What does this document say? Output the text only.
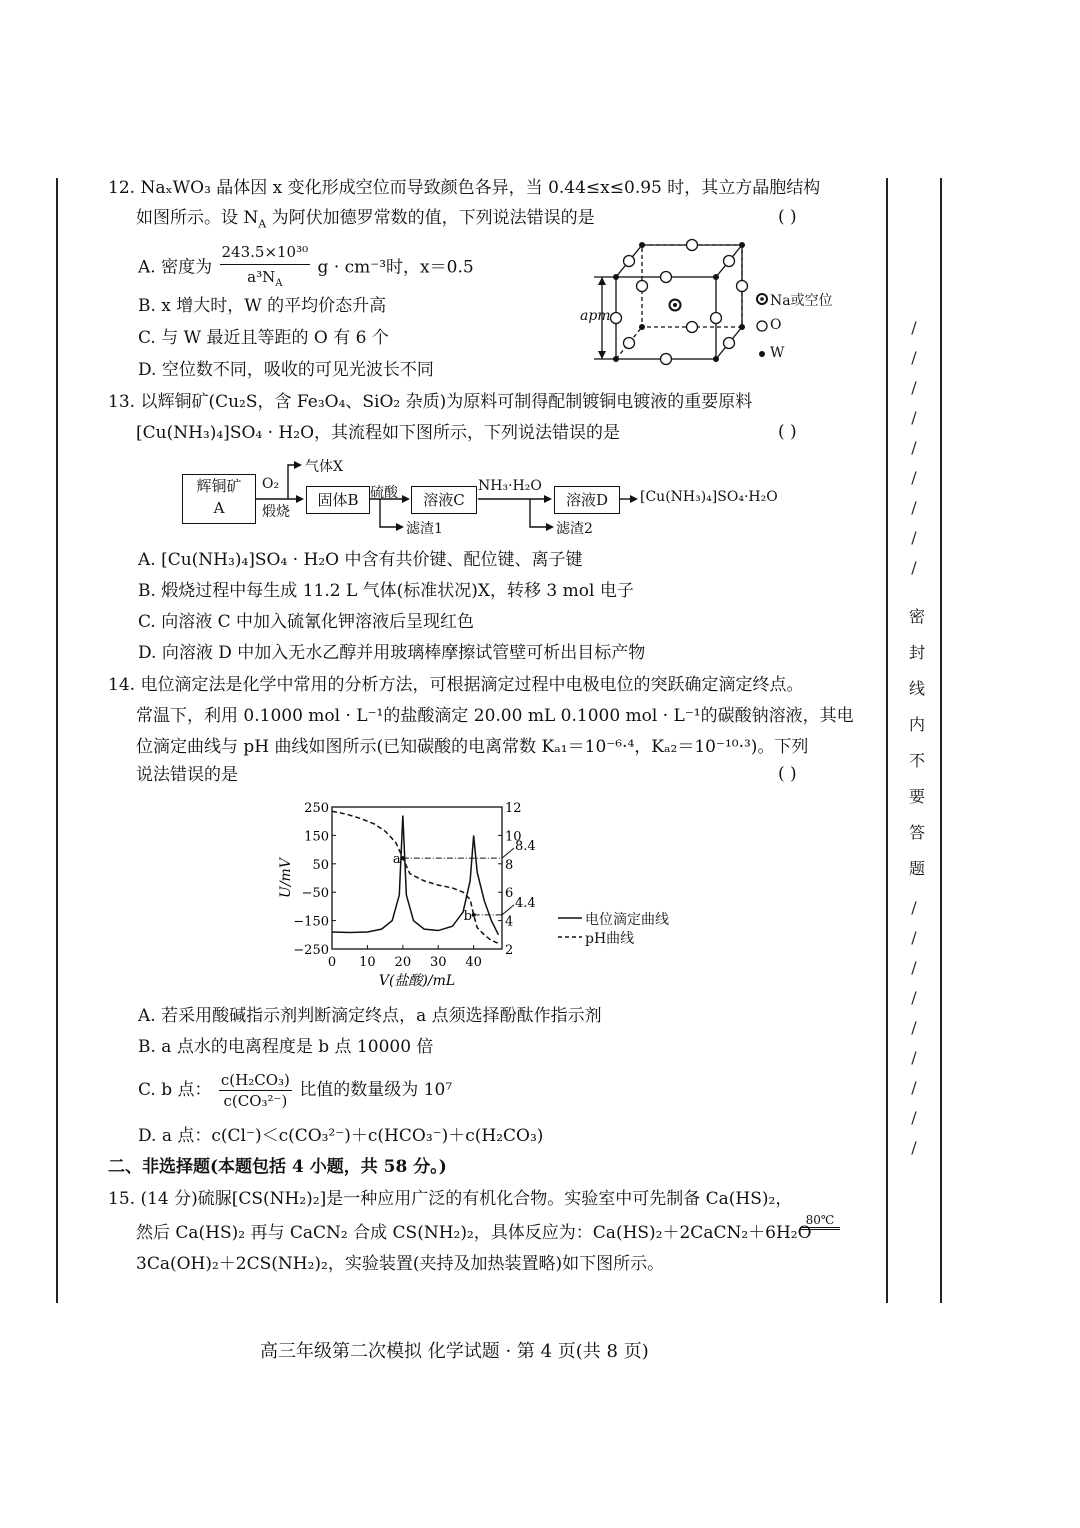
/
/
/
/
/
/
/
/
/
密
封
线
内
不
要
答
题
/
/
/
/
/
/
/
/
/
12. NaₓWO₃ 晶体因 x 变化形成空位而导致颜色各异，当 0.44≤x≤0.95 时，其立方晶胞结构
如图所示。设 $N_A$ 为阿伏加德罗常数的值，下列说法错误的是	( )
A. 密度为 $\frac{\text{243.5×10³⁰}}{a^3N_A}$ g · cm⁻³时，x＝0.5
B. x 增大时，W 的平均价态升高
C. 与 W 最近且等距的 O 有 6 个
D. 空位数不同，吸收的可见光波长不同
apm
Na或空位
O
W
13. 以辉铜矿(Cu₂S，含 Fe₃O₄、SiO₂ 杂质)为原料可制得配制镀铜电镀液的重要原料
[Cu(NH₃)₄]SO₄ · H₂O，其流程如下图所示，下列说法错误的是	( )
辉铜矿
A
O₂
煅烧
气体X
固体B 硫酸
滤渣1
溶液C
NH₃·H₂O
滤渣2
溶液D	[Cu(NH₃)₄]SO₄·H₂O
A. [Cu(NH₃)₄]SO₄ · H₂O 中含有共价键、配位键、离子键
B. 煅烧过程中每生成 11.2 L 气体(标准状况)X，转移 3 mol 电子
C. 向溶液 C 中加入硫氰化钾溶液后呈现红色
D. 向溶液 D 中加入无水乙醇并用玻璃棒摩擦试管壁可析出目标产物
14. 电位滴定法是化学中常用的分析方法，可根据滴定过程中电极电位的突跃确定滴定终点。
常温下，利用 0.1000 mol · L⁻¹的盐酸滴定 20.00 mL 0.1000 mol · L⁻¹的碳酸钠溶液，其电
位滴定曲线与 pH 曲线如图所示(已知碳酸的电离常数 Kₐ₁＝10⁻⁶·⁴，Kₐ₂＝10⁻¹⁰·³)。下列
说法错误的是	( )
250
150
50
−50
−150
−250
12
10
8
6
4
2
0 10 20 30 40
8.4
4.4
a
b
V(盐酸)/mL
U/mV
电位滴定曲线
pH曲线
A. 若采用酸碱指示剂判断滴定终点，a 点须选择酚酞作指示剂
B. a 点水的电离程度是 b 点 10000 倍
C. b 点： $\frac{\text{c(H₂CO₃)}}{\text{c(CO₃²⁻)}}$ 比值的数量级为 10⁷
D. a 点：c(Cl⁻)＜c(CO₃²⁻)＋c(HCO₃⁻)＋c(H₂CO₃)
二、非选择题(本题包括 4 小题，共 58 分。)
15. (14 分)硫脲[CS(NH₂)₂]是一种应用广泛的有机化合物。实验室中可先制备 Ca(HS)₂，
然后 Ca(HS)₂ 再与 CaCN₂ 合成 CS(NH₂)₂，具体反应为：Ca(HS)₂＋2CaCN₂＋6H₂O
80℃
3Ca(OH)₂＋2CS(NH₂)₂，实验装置(夹持及加热装置略)如下图所示。
高三年级第二次模拟 化学试题 · 第 4 页(共 8 页)
